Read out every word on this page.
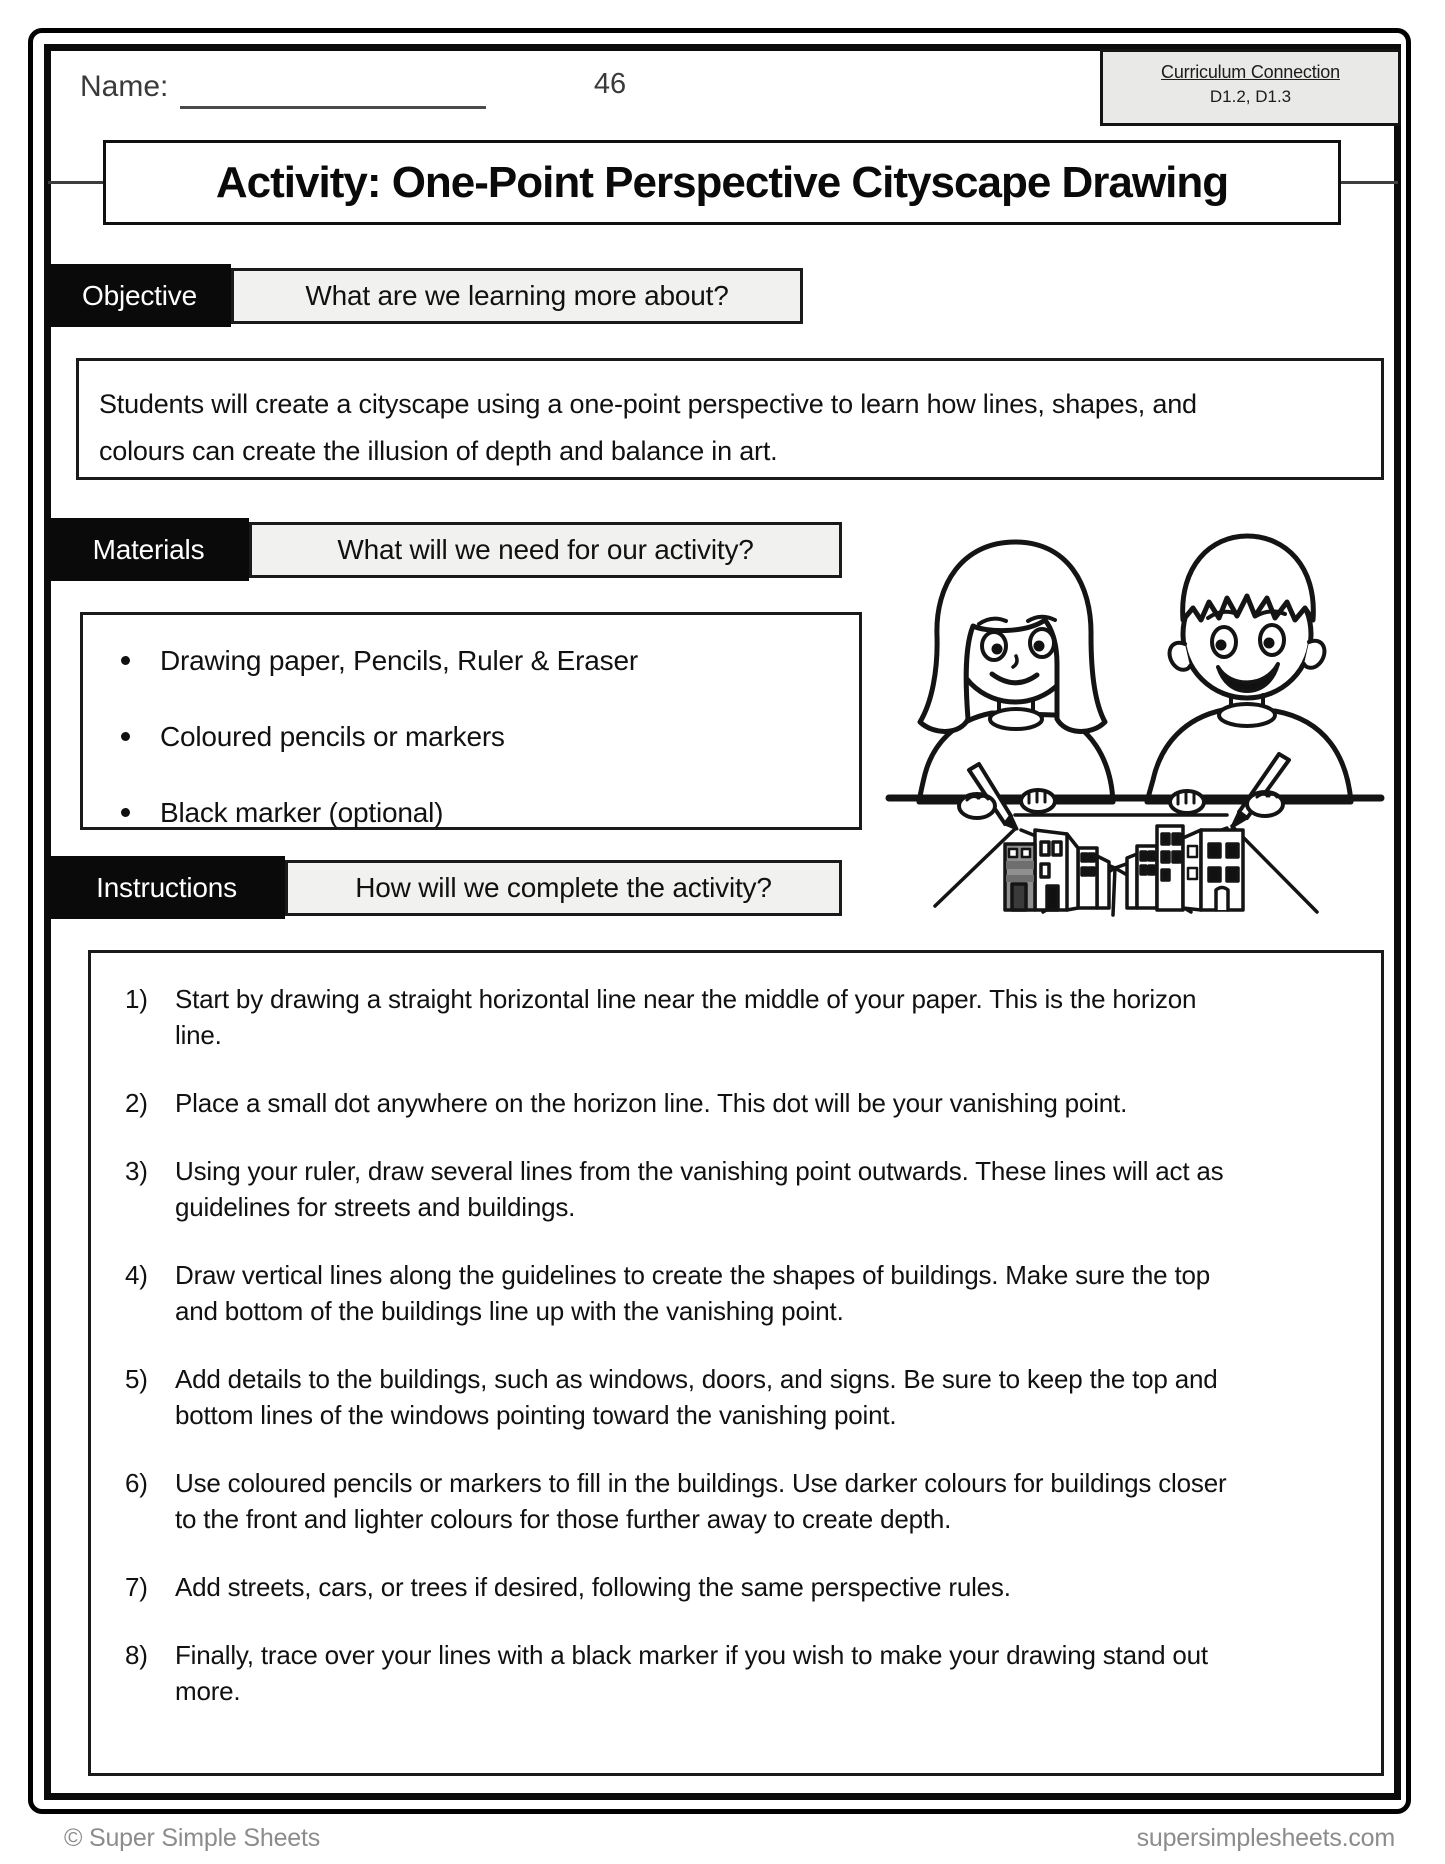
Name:	46	Curriculum Connection
D1.2, D1.3
Activity: One-Point Perspective Cityscape Drawing
Objective	What are we learning more about?

Students will create a cityscape using a one-point perspective to learn how lines, shapes, and colours can create the illusion of depth and balance in art.

Materials	What will we need for our activity?
Drawing paper, Pencils, Ruler & Eraser
Coloured pencils or markers
Black marker (optional)
Instructions	How will we complete the activity?
1)	Start by drawing a straight horizontal line near the middle of your paper. This is the horizon line.
2)	Place a small dot anywhere on the horizon line. This dot will be your vanishing point.
3)	Using your ruler, draw several lines from the vanishing point outwards. These lines will act as guidelines for streets and buildings.
4)	Draw vertical lines along the guidelines to create the shapes of buildings. Make sure the top and bottom of the buildings line up with the vanishing point.
5)	Add details to the buildings, such as windows, doors, and signs. Be sure to keep the top and bottom lines of the windows pointing toward the vanishing point.
6)	Use coloured pencils or markers to fill in the buildings. Use darker colours for buildings closer to the front and lighter colours for those further away to create depth.
7)	Add streets, cars, or trees if desired, following the same perspective rules.
8)	Finally, trace over your lines with a black marker if you wish to make your drawing stand out more.
© Super Simple Sheets	supersimplesheets.com
